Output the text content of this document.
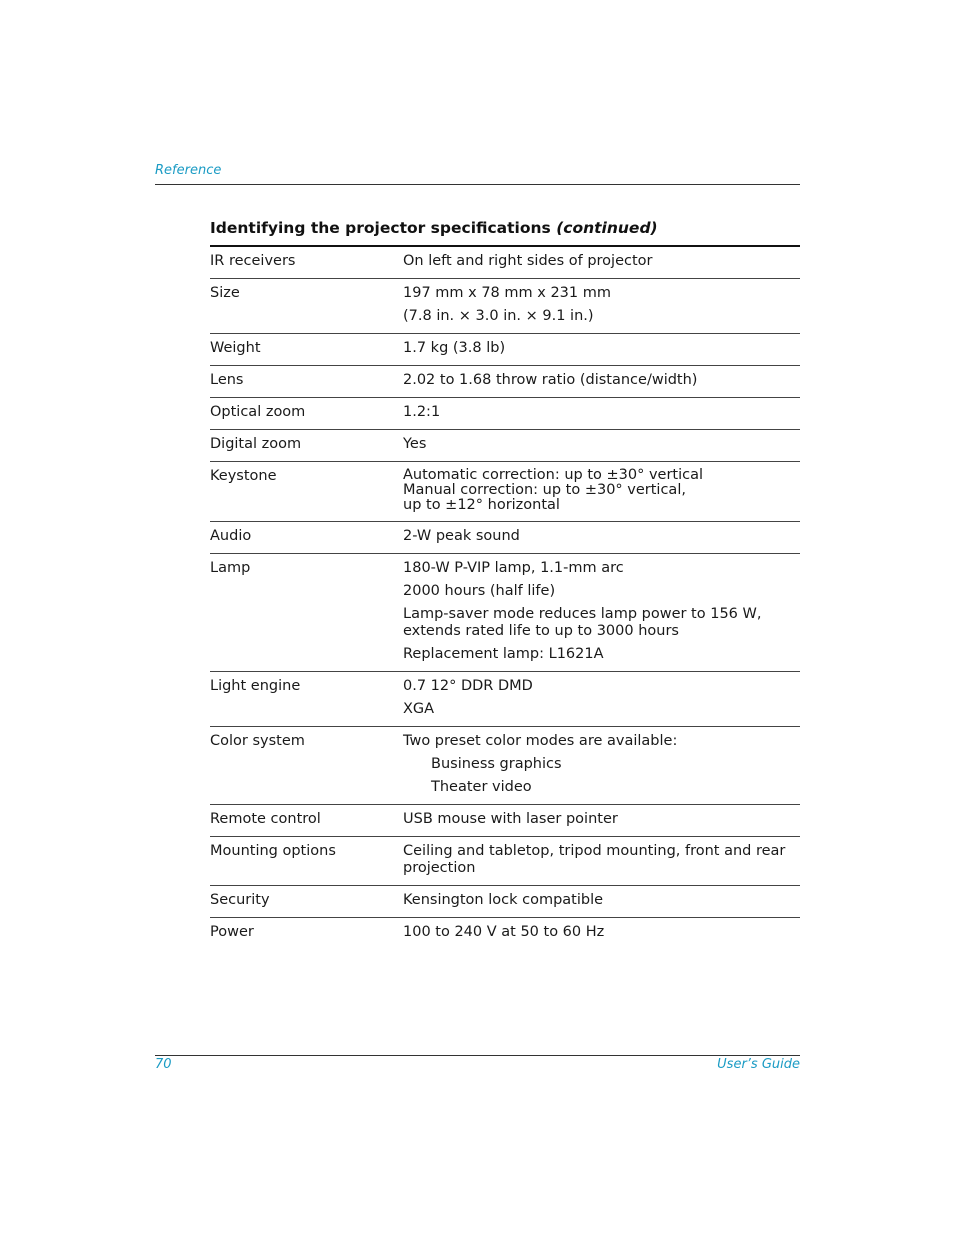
Reference
Identifying the projector specifications (continued)
IR receivers	On left and right sides of projector

Size	197 mm x 78 mm x 231 mm

(7.8 in. × 3.0 in. × 9.1 in.)

Weight	1.7 kg (3.8 lb)

Lens	2.02 to 1.68 throw ratio (distance/width)

Optical zoom	1.2:1

Digital zoom	Yes

Keystone	Automatic correction: up to ±30° vertical

Manual correction: up to ±30° vertical,

up to ±12° horizontal

Audio	2-W peak sound

Lamp	180-W P-VIP lamp, 1.1-mm arc

2000 hours (half life)

Lamp-saver mode reduces lamp power to 156 W, extends rated life to up to 3000 hours

Replacement lamp: L1621A

Light engine	0.7 12° DDR DMD

XGA

Color system	Two preset color modes are available:

Business graphics

Theater video

Remote control	USB mouse with laser pointer

Mounting options	Ceiling and tabletop, tripod mounting, front and rear projection

Security	Kensington lock compatible

Power	100 to 240 V at 50 to 60 Hz

70	User’s Guide
